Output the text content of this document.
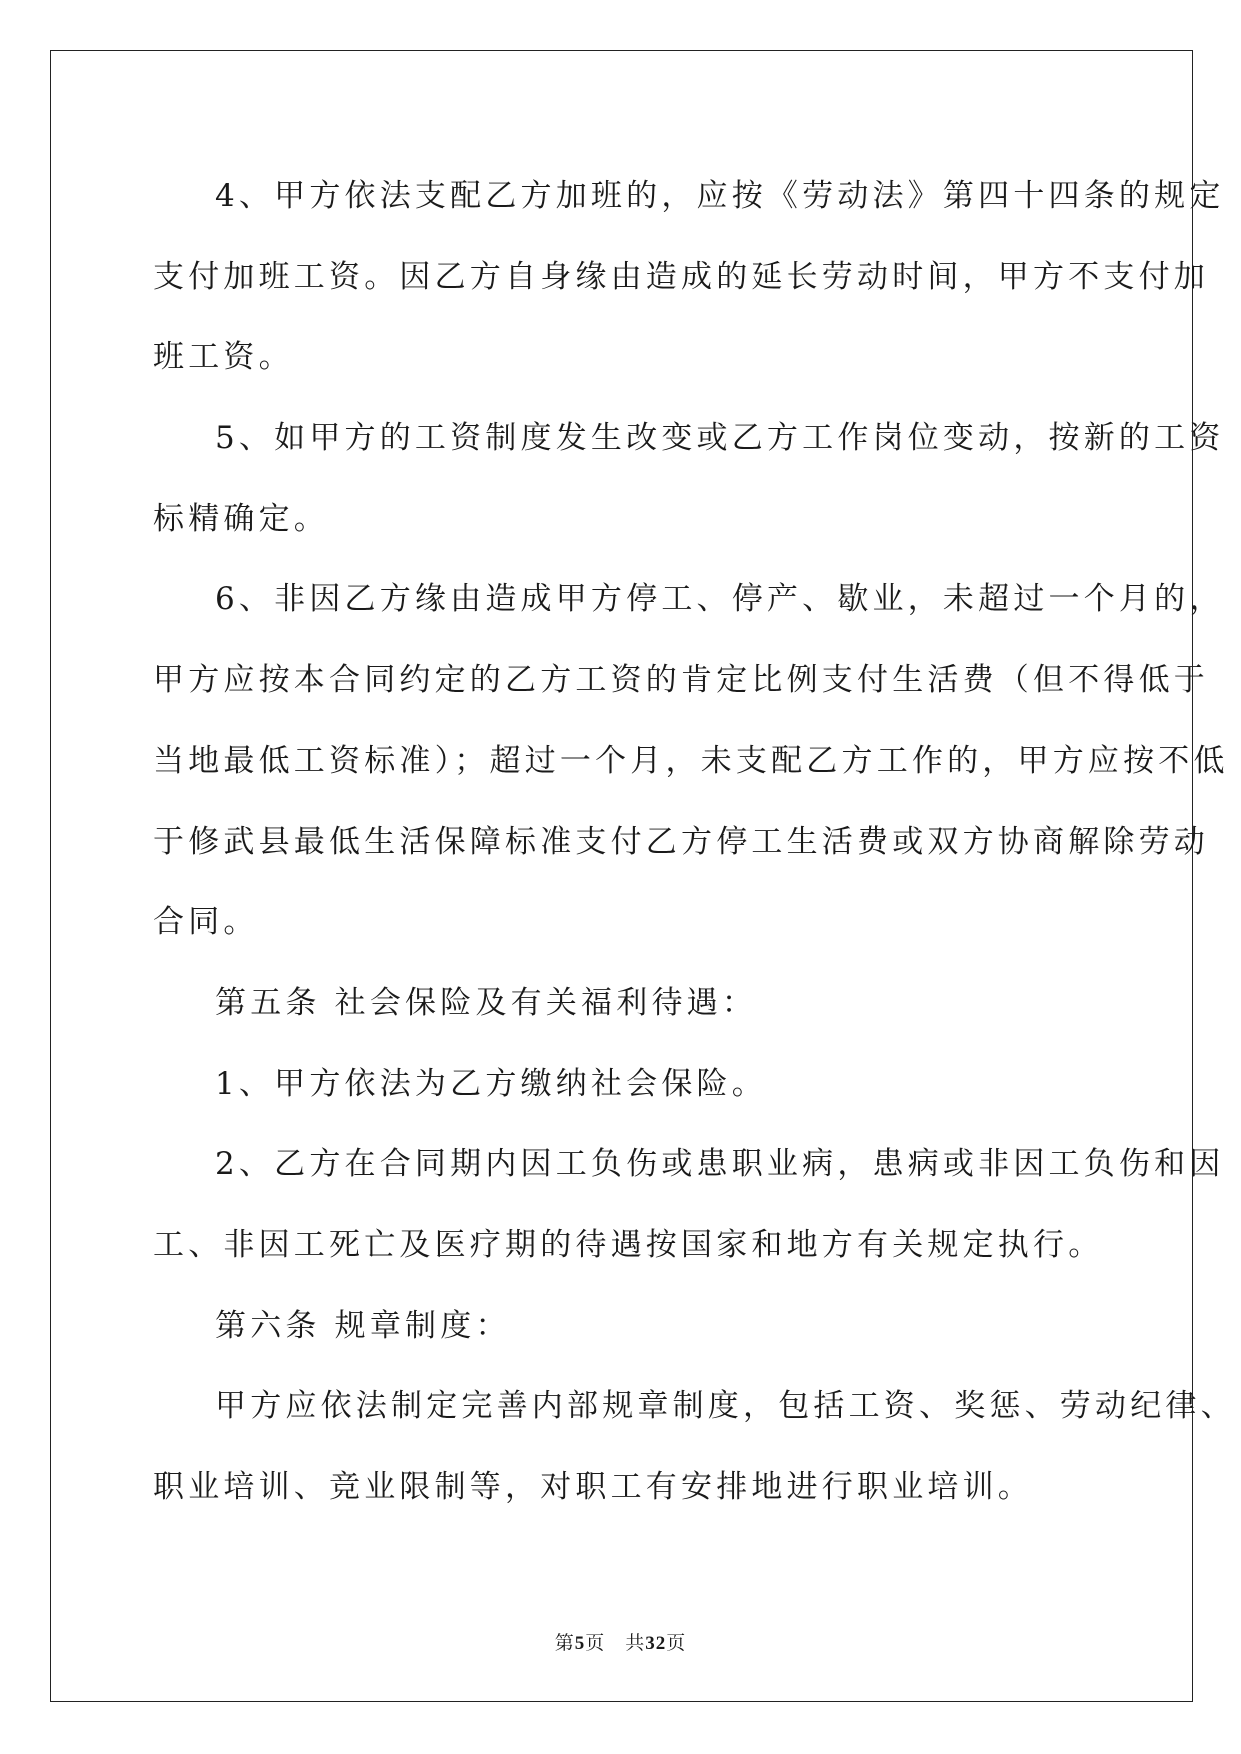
4、甲方依法支配乙方加班的，应按《劳动法》第四十四条的规定
支付加班工资。因乙方自身缘由造成的延长劳动时间，甲方不支付加
班工资。
5、如甲方的工资制度发生改变或乙方工作岗位变动，按新的工资
标精确定。
6、非因乙方缘由造成甲方停工、停产、歇业，未超过一个月的，
甲方应按本合同约定的乙方工资的肯定比例支付生活费（但不得低于
当地最低工资标准）；超过一个月，未支配乙方工作的，甲方应按不低
于修武县最低生活保障标准支付乙方停工生活费或双方协商解除劳动
合同。
第五条 社会保险及有关福利待遇：
1、甲方依法为乙方缴纳社会保险。
2、乙方在合同期内因工负伤或患职业病，患病或非因工负伤和因
工、非因工死亡及医疗期的待遇按国家和地方有关规定执行。
第六条 规章制度：
甲方应依法制定完善内部规章制度，包括工资、奖惩、劳动纪律、
职业培训、竞业限制等，对职工有安排地进行职业培训。
第5页　共32页
